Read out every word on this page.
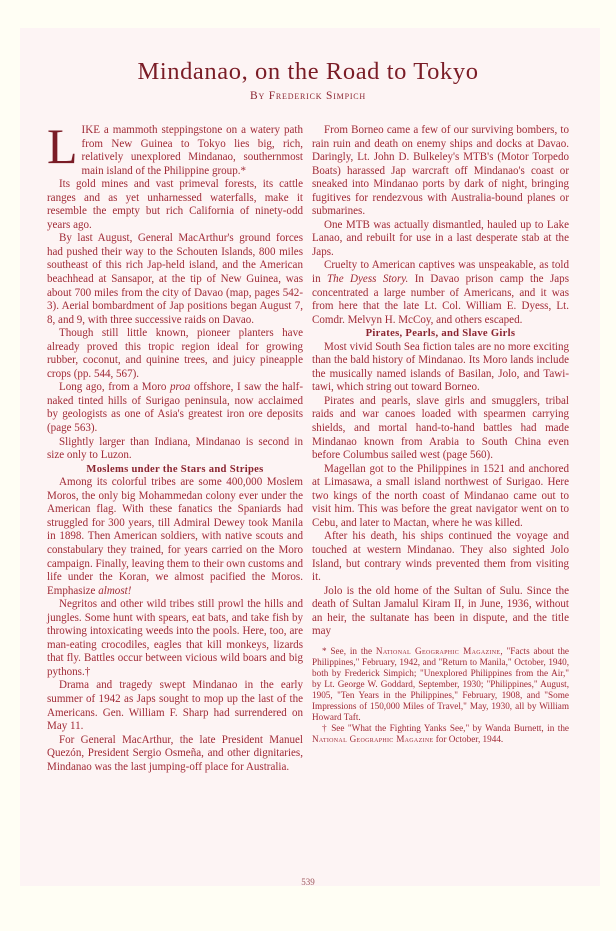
Mindanao, on the Road to Tokyo
By Frederick Simpich

LIKE a mammoth steppingstone on a watery path from New Guinea to Tokyo lies big, rich, relatively unexplored Mindanao, southernmost main island of the Philippine group.*

Its gold mines and vast primeval forests, its cattle ranges and as yet unharnessed waterfalls, make it resemble the empty but rich California of ninety-odd years ago.

By last August, General MacArthur's ground forces had pushed their way to the Schouten Islands, 800 miles southeast of this rich Jap-held island, and the American beachhead at Sansapor, at the tip of New Guinea, was about 700 miles from the city of Davao (map, pages 542-3). Aerial bombardment of Jap positions began August 7, 8, and 9, with three successive raids on Davao.

Though still little known, pioneer planters have already proved this tropic region ideal for growing rubber, coconut, and quinine trees, and juicy pineapple crops (pp. 544, 567).

Long ago, from a Moro proa offshore, I saw the half-naked tinted hills of Surigao peninsula, now acclaimed by geologists as one of Asia's greatest iron ore deposits (page 563).

Slightly larger than Indiana, Mindanao is second in size only to Luzon.

Moslems under the Stars and Stripes

Among its colorful tribes are some 400,000 Moslem Moros, the only big Mohammedan colony ever under the American flag. With these fanatics the Spaniards had struggled for 300 years, till Admiral Dewey took Manila in 1898. Then American soldiers, with native scouts and constabulary they trained, for years carried on the Moro campaign. Finally, leaving them to their own customs and life under the Koran, we almost pacified the Moros. Emphasize almost!

Negritos and other wild tribes still prowl the hills and jungles. Some hunt with spears, eat bats, and take fish by throwing intoxicating weeds into the pools. Here, too, are man-eating crocodiles, eagles that kill monkeys, lizards that fly. Battles occur between vicious wild boars and big pythons.†

Drama and tragedy swept Mindanao in the early summer of 1942 as Japs sought to mop up the last of the Americans. Gen. William F. Sharp had surrendered on May 11.

For General MacArthur, the late President Manuel Quezón, President Sergio Osmeña, and other dignitaries, Mindanao was the last jumping-off place for Australia.

From Borneo came a few of our surviving bombers, to rain ruin and death on enemy ships and docks at Davao. Daringly, Lt. John D. Bulkeley's MTB's (Motor Torpedo Boats) harassed Jap warcraft off Mindanao's coast or sneaked into Mindanao ports by dark of night, bringing fugitives for rendezvous with Australia-bound planes or submarines.

One MTB was actually dismantled, hauled up to Lake Lanao, and rebuilt for use in a last desperate stab at the Japs.

Cruelty to American captives was unspeakable, as told in The Dyess Story. In Davao prison camp the Japs concentrated a large number of Americans, and it was from here that the late Lt. Col. William E. Dyess, Lt. Comdr. Melvyn H. McCoy, and others escaped.

Pirates, Pearls, and Slave Girls

Most vivid South Sea fiction tales are no more exciting than the bald history of Mindanao. Its Moro lands include the musically named islands of Basilan, Jolo, and Tawi-tawi, which string out toward Borneo.

Pirates and pearls, slave girls and smugglers, tribal raids and war canoes loaded with spearmen carrying shields, and mortal hand-to-hand battles had made Mindanao known from Arabia to South China even before Columbus sailed west (page 560).

Magellan got to the Philippines in 1521 and anchored at Limasawa, a small island northwest of Surigao. Here two kings of the north coast of Mindanao came out to visit him. This was before the great navigator went on to Cebu, and later to Mactan, where he was killed.

After his death, his ships continued the voyage and touched at western Mindanao. They also sighted Jolo Island, but contrary winds prevented them from visiting it.

Jolo is the old home of the Sultan of Sulu. Since the death of Sultan Jamalul Kiram II, in June, 1936, without an heir, the sultanate has been in dispute, and the title may

* See, in the National Geographic Magazine, "Facts about the Philippines," February, 1942, and "Return to Manila," October, 1940, both by Frederick Simpich; "Unexplored Philippines from the Air," by Lt. George W. Goddard, September, 1930; "Philippines," August, 1905, "Ten Years in the Philippines," February, 1908, and "Some Impressions of 150,000 Miles of Travel," May, 1930, all by William Howard Taft.

† See "What the Fighting Yanks See," by Wanda Burnett, in the National Geographic Magazine for October, 1944.

539
